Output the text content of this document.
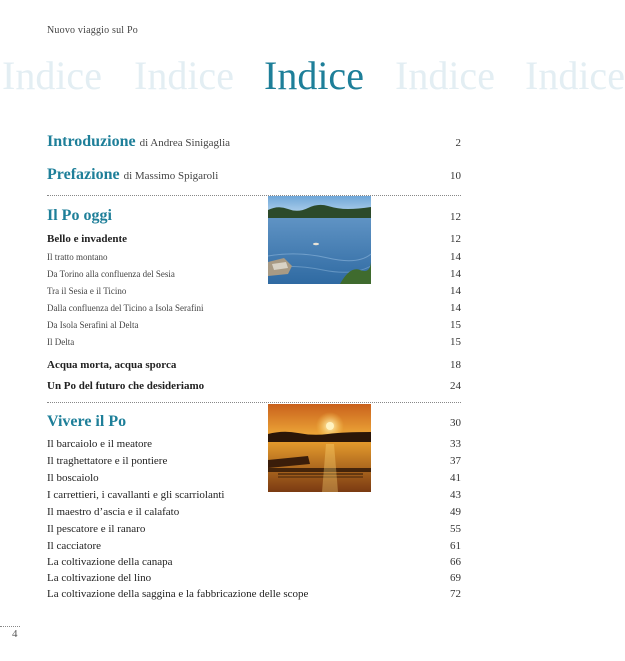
Nuovo viaggio sul Po
Indice Indice Indice Indice Indice
Introduzione di Andrea Sinigaglia	2
Prefazione di Massimo Spigaroli	10
Il Po oggi	12
Bello e invadente	12
Il tratto montano	14
Da Torino alla confluenza del Sesia	14
Tra il Sesia e il Ticino	14
Dalla confluenza del Ticino a Isola Serafini	14
Da Isola Serafini al Delta	15
Il Delta	15
Acqua morta, acqua sporca	18
Un Po del futuro che desideriamo	24
Vivere il Po	30
Il barcaiolo e il meatore	33
Il traghettatore e il pontiere	37
Il boscaiolo	41
I carrettieri, i cavallanti e gli scarriolanti	43
Il maestro d’ascia e il calafato	49
Il pescatore e il ranaro	55
Il cacciatore	61
La coltivazione della canapa	66
La coltivazione del lino	69
La coltivazione della saggina e la fabbricazione delle scope	72
4
